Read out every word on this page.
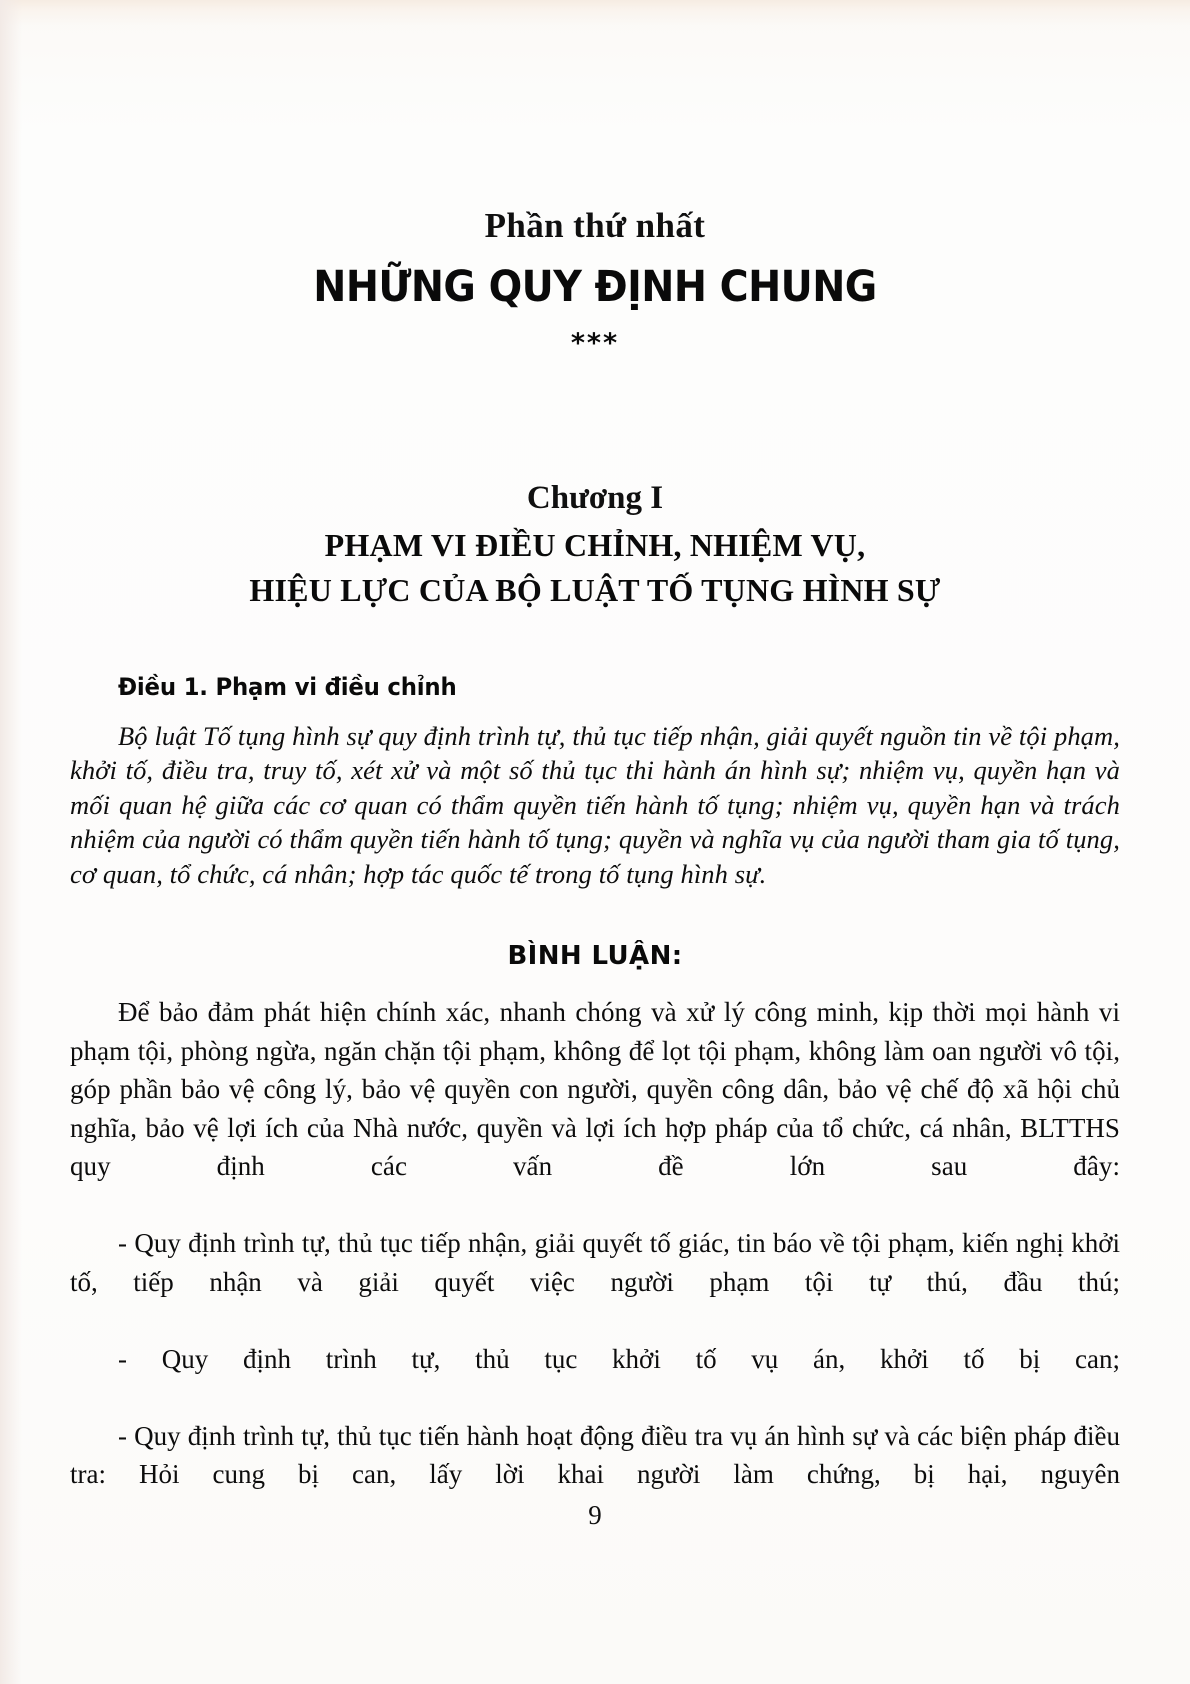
Phần thứ nhất
NHỮNG QUY ĐỊNH CHUNG
***
Chương I
PHẠM VI ĐIỀU CHỈNH, NHIỆM VỤ,
HIỆU LỰC CỦA BỘ LUẬT TỐ TỤNG HÌNH SỰ
Điều 1. Phạm vi điều chỉnh
Bộ luật Tố tụng hình sự quy định trình tự, thủ tục tiếp nhận, giải quyết nguồn tin về tội phạm, khởi tố, điều tra, truy tố, xét xử và một số thủ tục thi hành án hình sự; nhiệm vụ, quyền hạn và mối quan hệ giữa các cơ quan có thẩm quyền tiến hành tố tụng; nhiệm vụ, quyền hạn và trách nhiệm của người có thẩm quyền tiến hành tố tụng; quyền và nghĩa vụ của người tham gia tố tụng, cơ quan, tổ chức, cá nhân; hợp tác quốc tế trong tố tụng hình sự.
BÌNH LUẬN:
Để bảo đảm phát hiện chính xác, nhanh chóng và xử lý công minh, kịp thời mọi hành vi phạm tội, phòng ngừa, ngăn chặn tội phạm, không để lọt tội phạm, không làm oan người vô tội, góp phần bảo vệ công lý, bảo vệ quyền con người, quyền công dân, bảo vệ chế độ xã hội chủ nghĩa, bảo vệ lợi ích của Nhà nước, quyền và lợi ích hợp pháp của tổ chức, cá nhân, BLTTHS quy định các vấn đề lớn sau đây:
- Quy định trình tự, thủ tục tiếp nhận, giải quyết tố giác, tin báo về tội phạm, kiến nghị khởi tố, tiếp nhận và giải quyết việc người phạm tội tự thú, đầu thú;
- Quy định trình tự, thủ tục khởi tố vụ án, khởi tố bị can;
- Quy định trình tự, thủ tục tiến hành hoạt động điều tra vụ án hình sự và các biện pháp điều tra: Hỏi cung bị can, lấy lời khai người làm chứng, bị hại, nguyên
9
